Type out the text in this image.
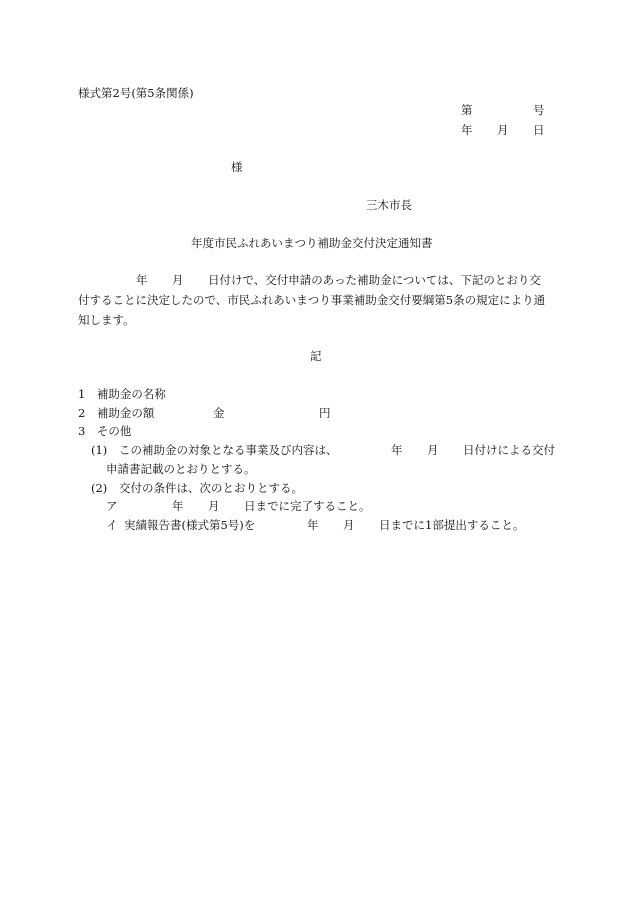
様式第2号(第5条関係)
第	号
年 月 日
様
三木市長
年度市民ふれあいまつり補助金交付決定通知書
年 月 日付けで、交付申請のあった補助金については、下記のとおり交
付することに決定したので、市民ふれあいまつり事業補助金交付要綱第5条の規定により通
知します。
記
1　補助金の名称
2　補助金の額	金	円
3　その他
(1) この補助金の対象となる事業及び内容は、	年 月 日付けによる交付
申請書記載のとおりとする。
(2) 交付の条件は、次のとおりとする。
ア	年 月 日までに完了すること。
イ 実績報告書(様式第5号)を	年 月 日までに1部提出すること。
